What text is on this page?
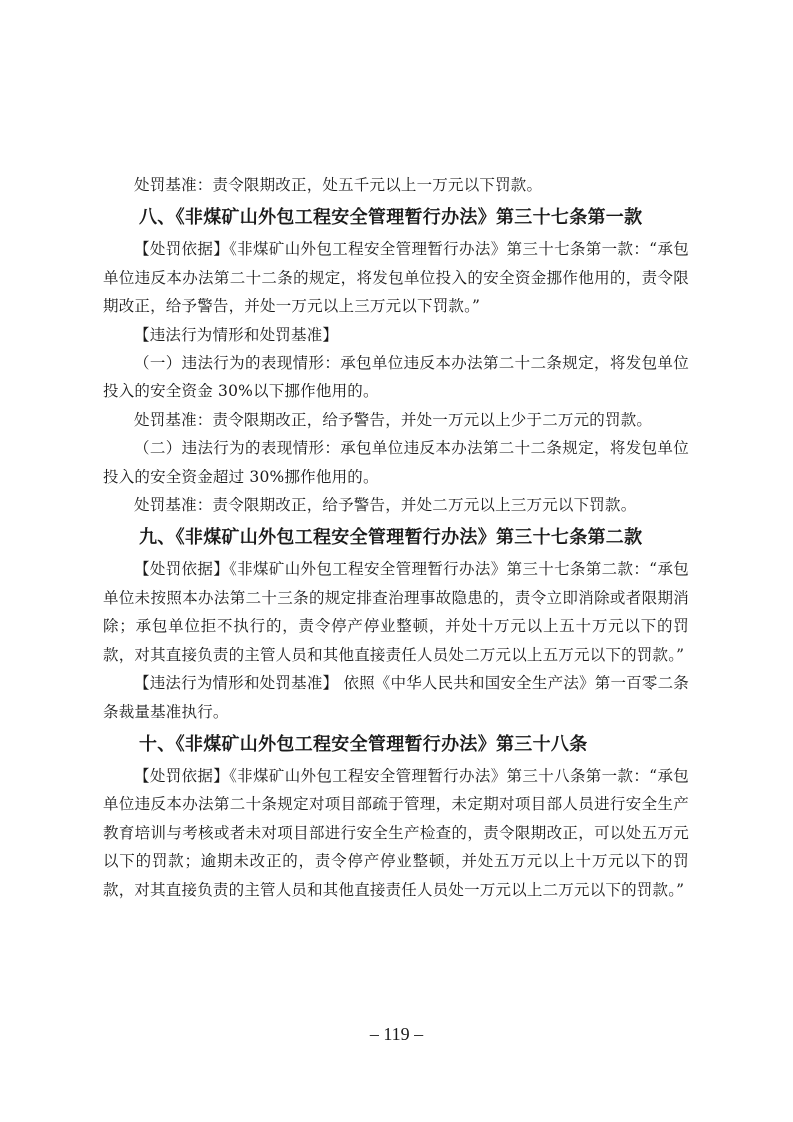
处罚基准：责令限期改正，处五千元以上一万元以下罚款。

八、《非煤矿山外包工程安全管理暂行办法》第三十七条第一款

【处罚依据】《非煤矿山外包工程安全管理暂行办法》第三十七条第一款：“承包单位违反本办法第二十二条的规定，将发包单位投入的安全资金挪作他用的，责令限期改正，给予警告，并处一万元以上三万元以下罚款。”

【违法行为情形和处罚基准】

（一）违法行为的表现情形：承包单位违反本办法第二十二条规定，将发包单位投入的安全资金 30%以下挪作他用的。

处罚基准：责令限期改正，给予警告，并处一万元以上少于二万元的罚款。

（二）违法行为的表现情形：承包单位违反本办法第二十二条规定，将发包单位投入的安全资金超过 30%挪作他用的。

处罚基准：责令限期改正，给予警告，并处二万元以上三万元以下罚款。

九、《非煤矿山外包工程安全管理暂行办法》第三十七条第二款

【处罚依据】《非煤矿山外包工程安全管理暂行办法》第三十七条第二款：“承包单位未按照本办法第二十三条的规定排查治理事故隐患的，责令立即消除或者限期消除；承包单位拒不执行的，责令停产停业整顿，并处十万元以上五十万元以下的罚款，对其直接负责的主管人员和其他直接责任人员处二万元以上五万元以下的罚款。”

【违法行为情形和处罚基准】 依照《中华人民共和国安全生产法》第一百零二条条裁量基准执行。

十、《非煤矿山外包工程安全管理暂行办法》第三十八条

【处罚依据】《非煤矿山外包工程安全管理暂行办法》第三十八条第一款：“承包单位违反本办法第二十条规定对项目部疏于管理，未定期对项目部人员进行安全生产教育培训与考核或者未对项目部进行安全生产检查的，责令限期改正，可以处五万元以下的罚款；逾期未改正的，责令停产停业整顿，并处五万元以上十万元以下的罚款，对其直接负责的主管人员和其他直接责任人员处一万元以上二万元以下的罚款。”

– 119 –
